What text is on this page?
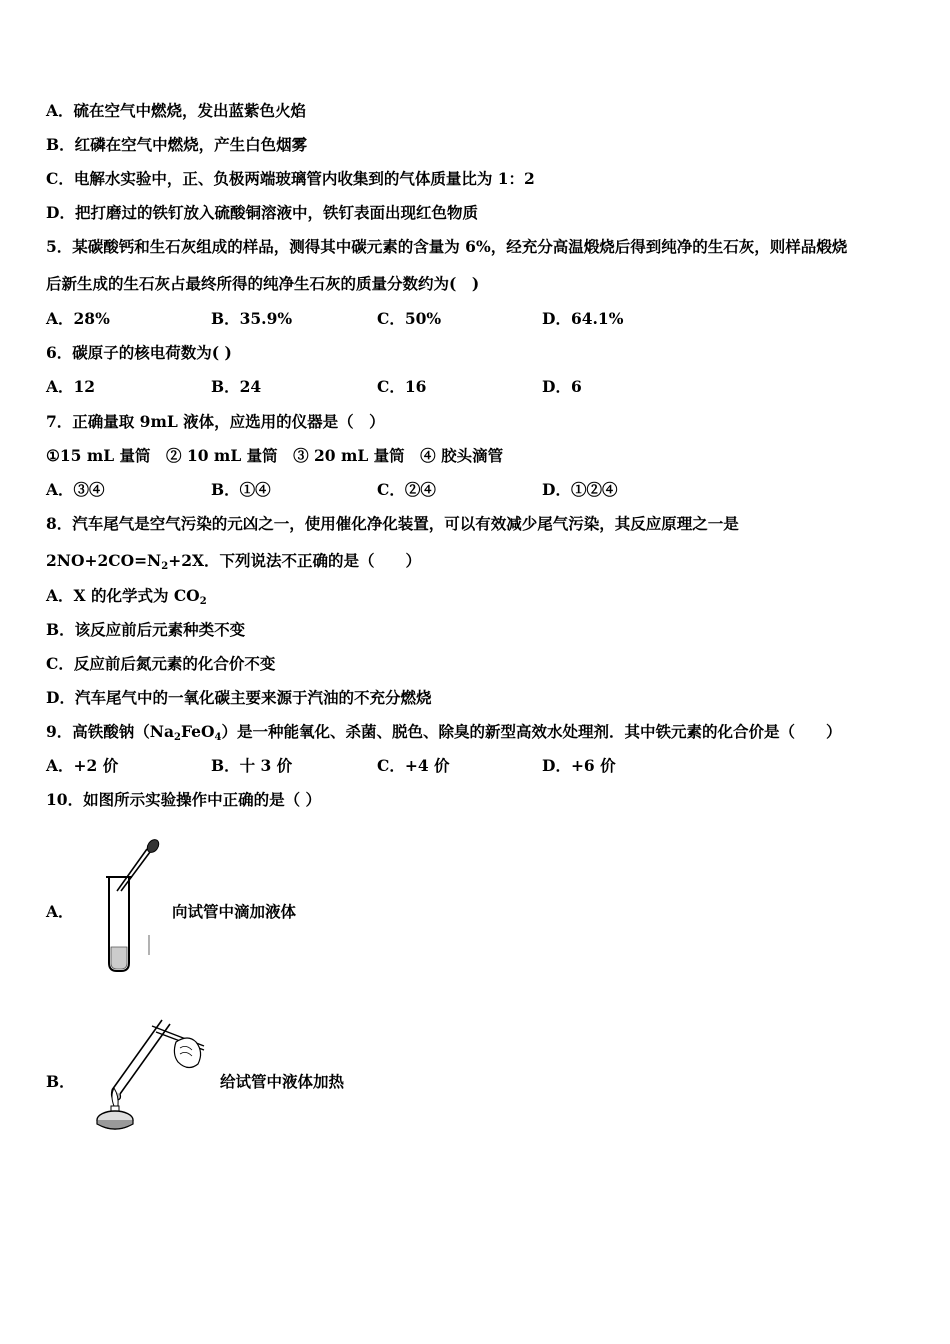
A．硫在空气中燃烧，发出蓝紫色火焰
B．红磷在空气中燃烧，产生白色烟雾
C．电解水实验中，正、负极两端玻璃管内收集到的气体质量比为 1：2
D．把打磨过的铁钉放入硫酸铜溶液中，铁钉表面出现红色物质
5．某碳酸钙和生石灰组成的样品，测得其中碳元素的含量为 6%，经充分高温煅烧后得到纯净的生石灰，则样品煅烧
后新生成的生石灰占最终所得的纯净生石灰的质量分数约为(　)
A．28%	B．35.9%	C．50%	D．64.1%
6．碳原子的核电荷数为( )
A．12	B．24	C．16	D．6
7．正确量取 9mL 液体，应选用的仪器是（　）
①15 mL 量筒　② 10 mL 量筒　③ 20 mL 量筒　④ 胶头滴管
A．③④	B．①④	C．②④	D．①②④
8．汽车尾气是空气污染的元凶之一，使用催化净化装置，可以有效减少尾气污染，其反应原理之一是
$2NO+2CO=N_2+2X$．下列说法不正确的是（　　）
A．X 的化学式为 $CO_2$
B．该反应前后元素种类不变
C．反应前后氮元素的化合价不变
D．汽车尾气中的一氧化碳主要来源于汽油的不充分燃烧
9．高铁酸钠$(Na_2FeO_4)$是一种能氧化、杀菌、脱色、除臭的新型高效水处理剂．其中铁元素的化合价是（　　）
A．+2 价	B．十 3 价	C．+4 价	D．+6 价
10．如图所示实验操作中正确的是（ ）
A．	向试管中滴加液体
B．	给试管中液体加热
